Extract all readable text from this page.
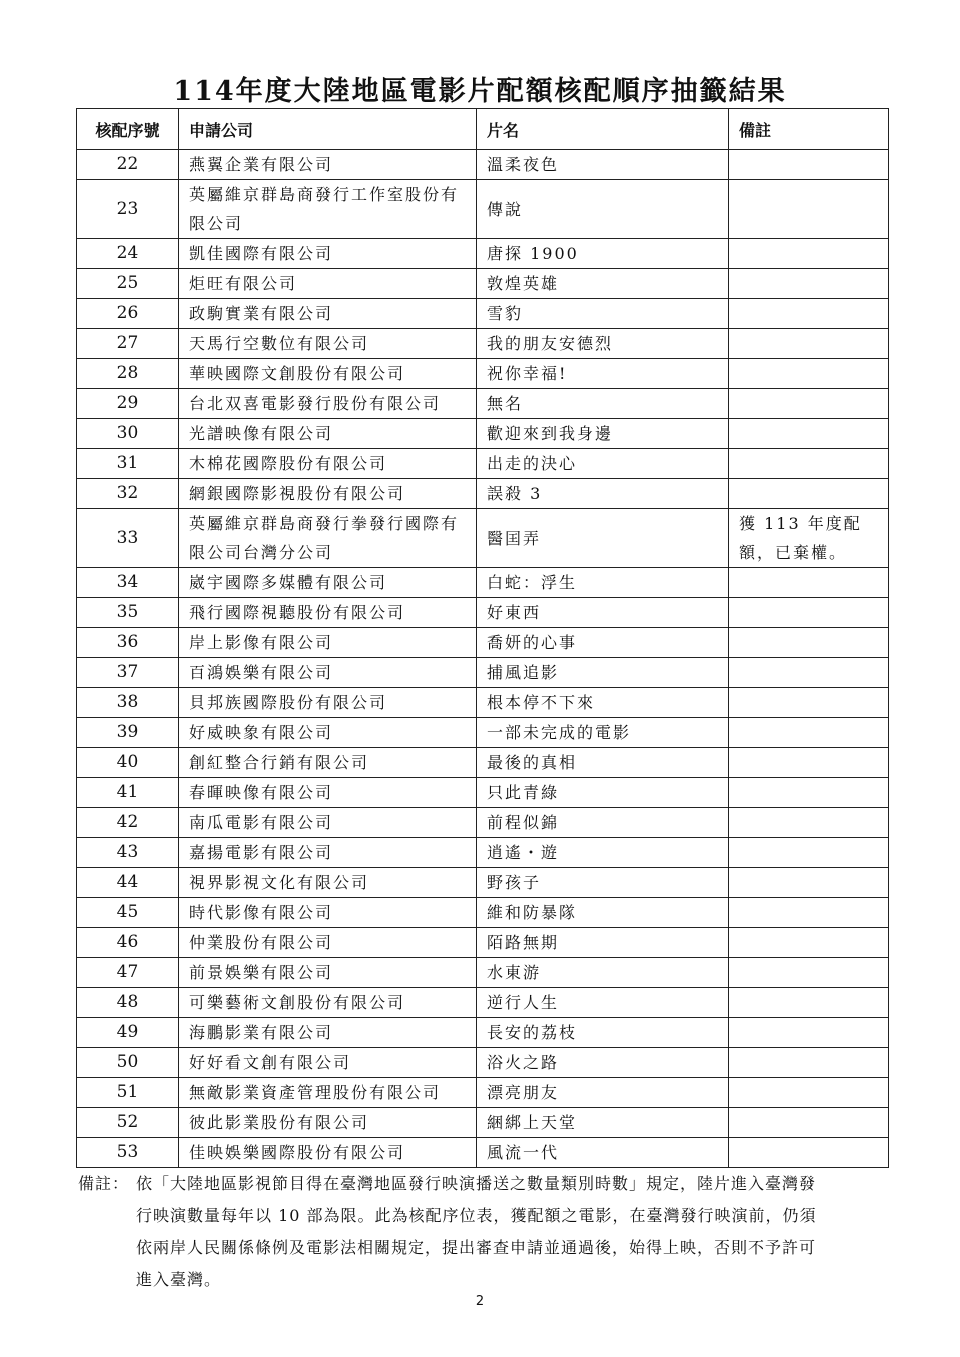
114年度大陸地區電影片配額核配順序抽籤結果
核配序號	申請公司	片名	備註
22	燕翼企業有限公司	溫柔夜色	
23	英屬維京群島商發行工作室股份有限公司	傳說	
24	凱佳國際有限公司	唐探 1900	
25	炬旺有限公司	敦煌英雄	
26	政駒實業有限公司	雪豹	
27	天馬行空數位有限公司	我的朋友安德烈	
28	華映國際文創股份有限公司	祝你幸福!	
29	台北双喜電影發行股份有限公司	無名	
30	光譜映像有限公司	歡迎來到我身邊	
31	木棉花國際股份有限公司	出走的決心	
32	網銀國際影視股份有限公司	誤殺 3	
33	英屬維京群島商發行拳發行國際有限公司台灣分公司	醫囯弄	獲 113 年度配額，已棄權。
34	崴宇國際多媒體有限公司	白蛇：浮生	
35	飛行國際視聽股份有限公司	好東西	
36	岸上影像有限公司	喬妍的心事	
37	百鴻娛樂有限公司	捕風追影	
38	貝邦族國際股份有限公司	根本停不下來	
39	好威映象有限公司	一部未完成的電影	
40	創紅整合行銷有限公司	最後的真相	
41	春暉映像有限公司	只此青綠	
42	南瓜電影有限公司	前程似錦	
43	嘉揚電影有限公司	逍遙・遊	
44	視界影視文化有限公司	野孩子	
45	時代影像有限公司	維和防暴隊	
46	仲業股份有限公司	陌路無期	
47	前景娛樂有限公司	水東游	
48	可樂藝術文創股份有限公司	逆行人生	
49	海鵬影業有限公司	長安的荔枝	
50	好好看文創有限公司	浴火之路	
51	無敵影業資產管理股份有限公司	漂亮朋友	
52	彼此影業股份有限公司	綑綁上天堂	
53	佳映娛樂國際股份有限公司	風流一代	
備註： 依「大陸地區影視節目得在臺灣地區發行映演播送之數量類別時數」規定，陸片進入臺灣發行映演數量每年以 10 部為限。此為核配序位表，獲配額之電影，在臺灣發行映演前，仍須依兩岸人民關係條例及電影法相關規定，提出審查申請並通過後，始得上映，否則不予許可進入臺灣。
2
